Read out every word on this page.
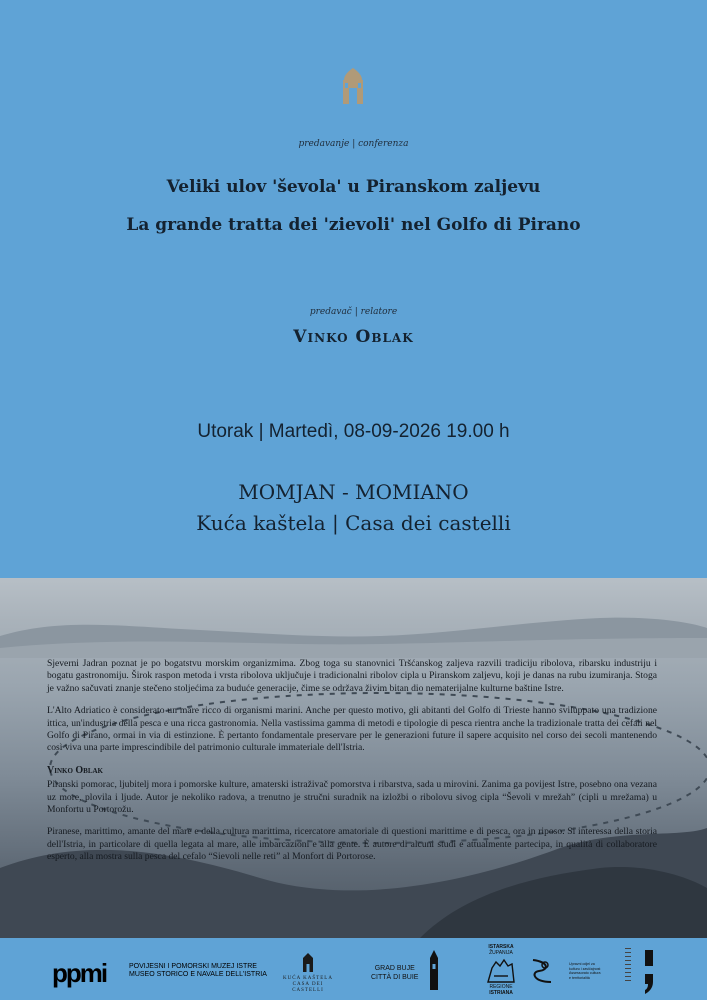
predavanje | conferenza
Veliki ulov 'ševola' u Piranskom zaljevu
La grande tratta dei 'zievoli' nel Golfo di Pirano
predavač | relatore
Vinko Oblak
Utorak | Martedì, 08-09-2026 19.00 h
MOMJAN - MOMIANO
Kuća kaštela | Casa dei castelli

Sjeverni Jadran poznat je po bogatstvu morskim organizmima. Zbog toga su stanovnici Tršćanskog zaljeva razvili tradiciju ribolova, ribarsku industriju i bogatu gastronomiju. Širok raspon metoda i vrsta ribolova uključuje i tradicionalni ribolov cipla u Piranskom zaljevu, koji je danas na rubu izumiranja. Stoga je važno sačuvati znanje stečeno stoljećima za buduće generacije, čime se održava živim bitan dio nematerijalne kulturne baštine Istre.

L'Alto Adriatico è considerato un mare ricco di organismi marini. Anche per questo motivo, gli abitanti del Golfo di Trieste hanno sviluppato una tradizione ittica, un'industria della pesca e una ricca gastronomia. Nella vastissima gamma di metodi e tipologie di pesca rientra anche la tradizionale tratta dei cefali nel Golfo di Pirano, ormai in via di estinzione. È pertanto fondamentale preservare per le generazioni future il sapere acquisito nel corso dei secoli mantenendo così viva una parte imprescindibile del patrimonio culturale immateriale dell'Istria.

Vinko Oblak

Piranski pomorac, ljubitelj mora i pomorske kulture, amaterski istraživač pomorstva i ribarstva, sada u mirovini. Zanima ga povijest Istre, posebno ona vezana uz more, plovila i ljude. Autor je nekoliko radova, a trenutno je stručni suradnik na izložbi o ribolovu sivog cipla “Ševoli v mrežah” (cipli u mrežama) u Monfortu u Portorožu.

Piranese, marittimo, amante del mare e della cultura marittima, ricercatore amatoriale di questioni marittime e di pesca, ora in riposo. Si interessa della storia dell'Istria, in particolare di quella legata al mare, alle imbarcazioni e alla gente. È autore di alcuni studi e attualmente partecipa, in qualità di collaboratore esperto, alla mostra sulla pesca del cefalo “Sievoli nelle reti” al Monfort di Portorose.

ppmi	POVIJESNI I POMORSKI MUZEJ ISTRE
MUSEO STORICO E NAVALE DELL'ISTRIA
KUĆA KAŠTELA
CASA DEI CASTELLI
GRAD BUJE
CITTÀ DI BUIE
ISTARSKA
ŽUPANIJA
REGIONE
ISTRIANA
Upravni odjel za
kulturu i zavičajnost
Assessorato cultura
e territorialità
